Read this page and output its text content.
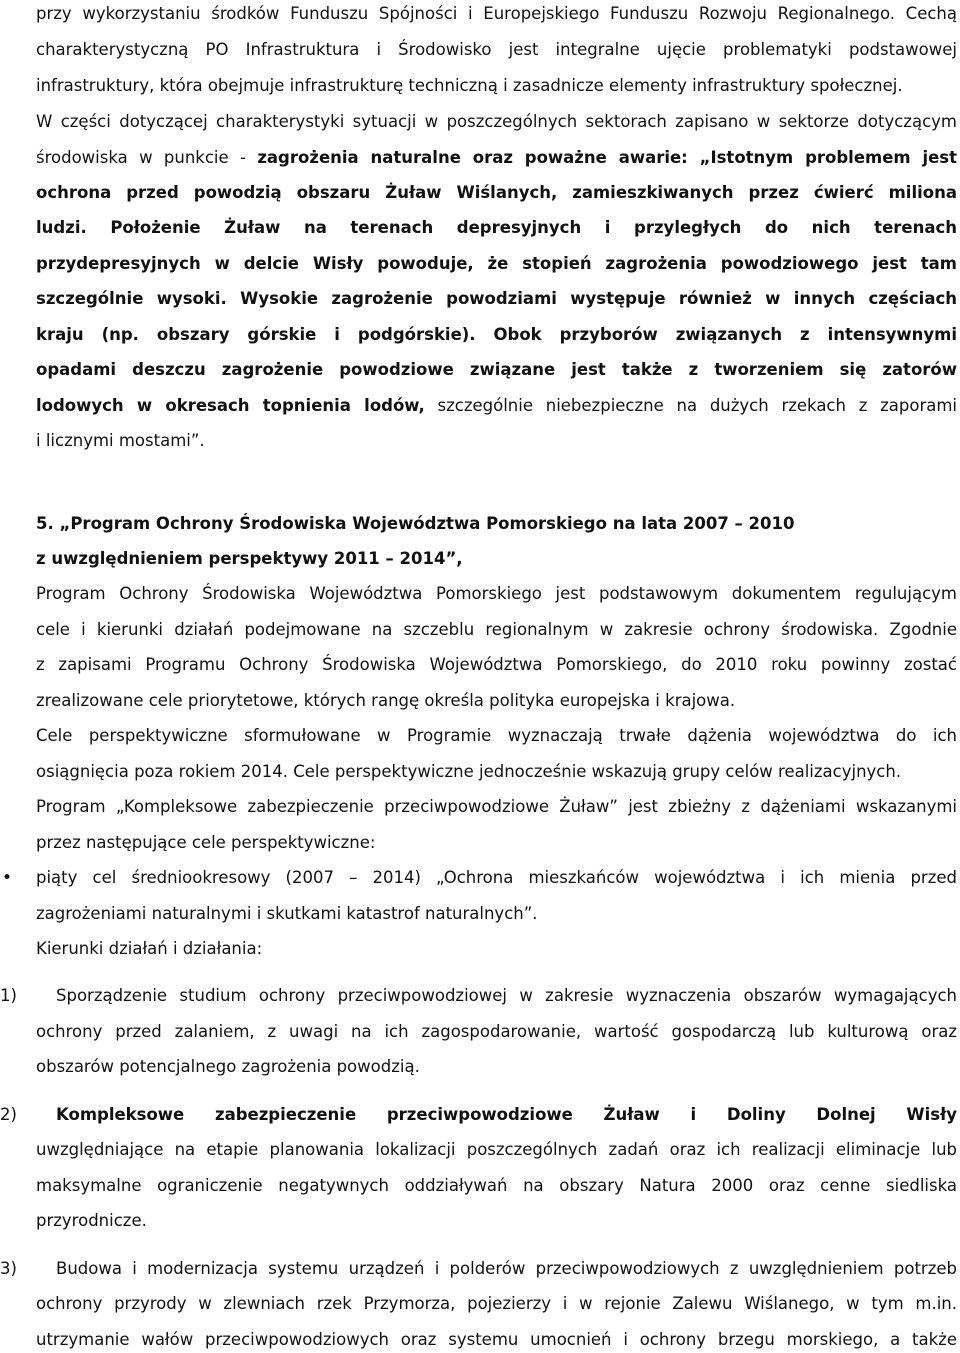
przy wykorzystaniu środków Funduszu Spójności i Europejskiego Funduszu Rozwoju Regionalnego. Cechą
charakterystyczną PO Infrastruktura i Środowisko jest integralne ujęcie problematyki podstawowej
infrastruktury, która obejmuje infrastrukturę techniczną i zasadnicze elementy infrastruktury społecznej.
W części dotyczącej charakterystyki sytuacji w poszczególnych sektorach zapisano w sektorze dotyczącym
środowiska w punkcie - zagrożenia naturalne oraz poważne awarie: „Istotnym problemem jest
ochrona przed powodzią obszaru Żuław Wiślanych, zamieszkiwanych przez ćwierć miliona
ludzi. Położenie Żuław na terenach depresyjnych i przyległych do nich terenach
przydepresyjnych w delcie Wisły powoduje, że stopień zagrożenia powodziowego jest tam
szczególnie wysoki. Wysokie zagrożenie powodziami występuje również w innych częściach
kraju (np. obszary górskie i podgórskie). Obok przyborów związanych z intensywnymi
opadami deszczu zagrożenie powodziowe związane jest także z tworzeniem się zatorów
lodowych w okresach topnienia lodów, szczególnie niebezpieczne na dużych rzekach z zaporami
i licznymi mostami”.
5. „Program Ochrony Środowiska Województwa Pomorskiego na lata 2007 – 2010
z uwzględnieniem perspektywy 2011 – 2014”,
Program Ochrony Środowiska Województwa Pomorskiego jest podstawowym dokumentem regulującym
cele i kierunki działań podejmowane na szczeblu regionalnym w zakresie ochrony środowiska. Zgodnie
z zapisami Programu Ochrony Środowiska Województwa Pomorskiego, do 2010 roku powinny zostać
zrealizowane cele priorytetowe, których rangę określa polityka europejska i krajowa.
Cele perspektywiczne sformułowane w Programie wyznaczają trwałe dążenia województwa do ich
osiągnięcia poza rokiem 2014. Cele perspektywiczne jednocześnie wskazują grupy celów realizacyjnych.
Program „Kompleksowe zabezpieczenie przeciwpowodziowe Żuław” jest zbieżny z dążeniami wskazanymi
przez następujące cele perspektywiczne:
• piąty cel średniookresowy (2007 – 2014) „Ochrona mieszkańców województwa i ich mienia przed
zagrożeniami naturalnymi i skutkami katastrof naturalnych”.
Kierunki działań i działania:
1) Sporządzenie studium ochrony przeciwpowodziowej w zakresie wyznaczenia obszarów wymagających
ochrony przed zalaniem, z uwagi na ich zagospodarowanie, wartość gospodarczą lub kulturową oraz
obszarów potencjalnego zagrożenia powodzią.
2) Kompleksowe zabezpieczenie przeciwpowodziowe Żuław i Doliny Dolnej Wisły
uwzględniające na etapie planowania lokalizacji poszczególnych zadań oraz ich realizacji eliminacje lub
maksymalne ograniczenie negatywnych oddziaływań na obszary Natura 2000 oraz cenne siedliska
przyrodnicze.
3) Budowa i modernizacja systemu urządzeń i polderów przeciwpowodziowych z uwzględnieniem potrzeb
ochrony przyrody w zlewniach rzek Przymorza, pojezierzy i w rejonie Zalewu Wiślanego, w tym m.in.
utrzymanie wałów przeciwpowodziowych oraz systemu umocnień i ochrony brzegu morskiego, a także
